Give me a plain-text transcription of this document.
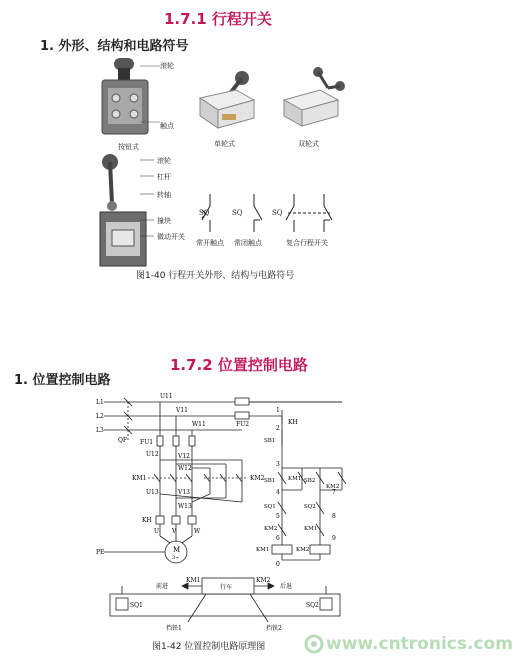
1.7.1 行程开关
1. 外形、结构和电路符号
滚轮
触点
按钮式	单轮式	双轮式
滚轮
杠杆
转轴
撞块
微动开关
SQ	SQ	SQ
常开触点 常闭触点	复合行程开关
图1-40 行程开关外形、结构与电路符号
1.7.2 位置控制电路
1. 位置控制电路
L1
L2
L3
QF
U11
V11
W11
FU1
FU2
U12
W12
V12
KM1	KM2
U13
W13
V13
KH
U V	W
M
3~
PE
1
2
3
4
5
6
7
8
9
0
KH
SB1
SB1	SB2
KM2
KM1
SQ1	SQ2
KM2	KM1
KM1	KM2
前进
KM1
行车
KM2
后退
SQ1	SQ2
挡铁1	挡铁2
图1-42 位置控制电路原理图	www.cntronics.com
